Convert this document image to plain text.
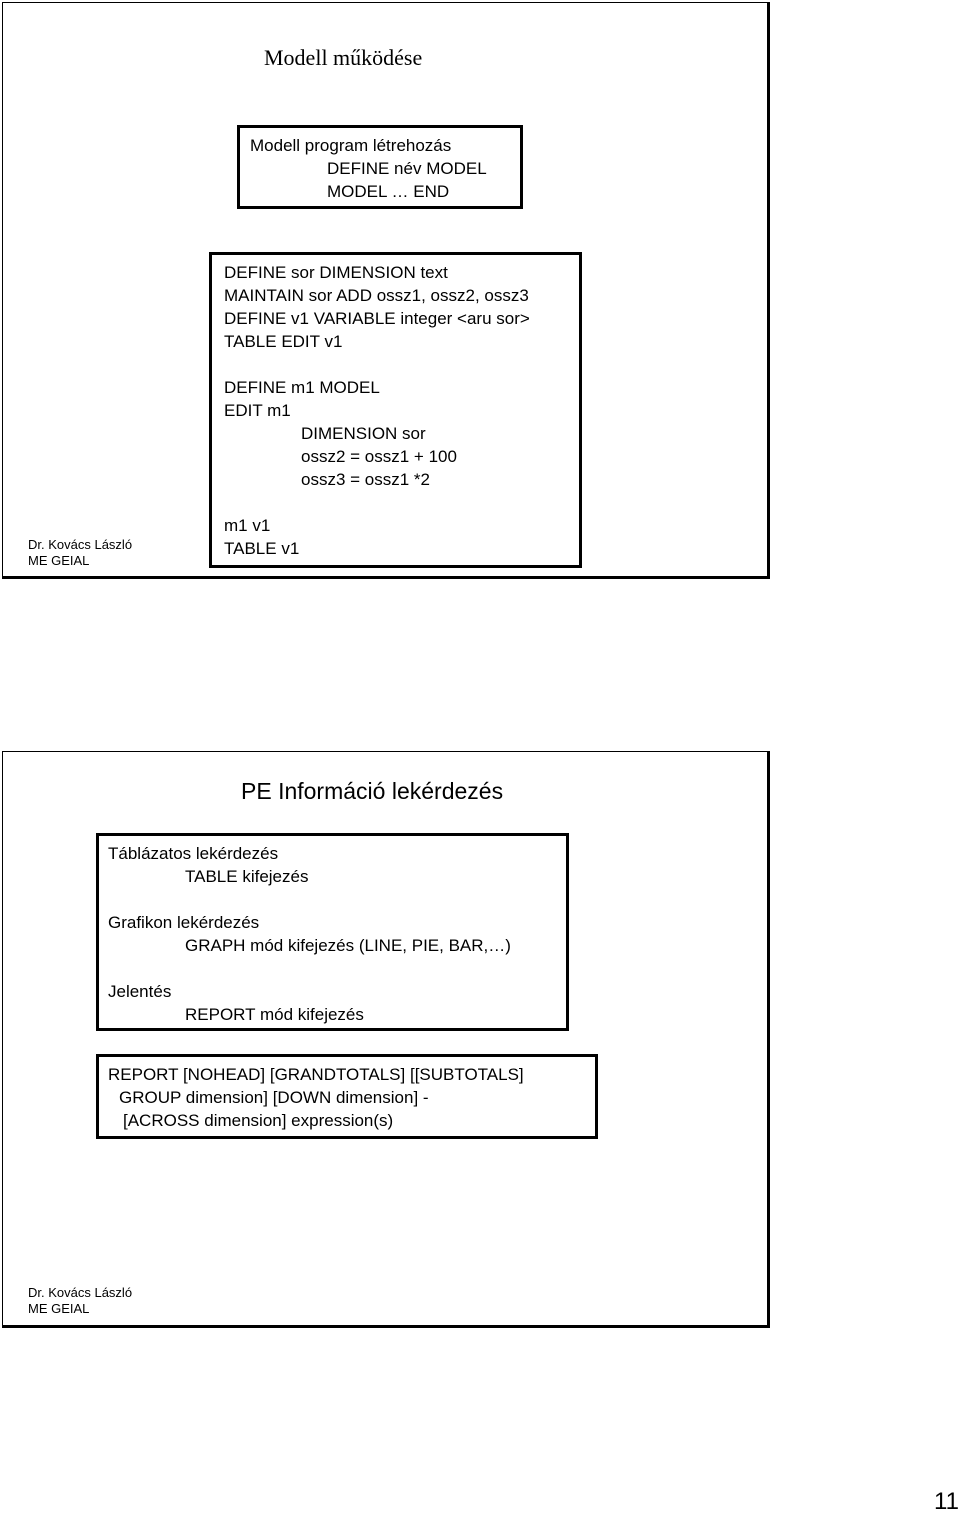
Modell működése
Modell program létrehozás
DEFINE név MODEL
MODEL … END
DEFINE sor DIMENSION text
MAINTAIN sor ADD ossz1, ossz2, ossz3
DEFINE v1 VARIABLE integer <aru sor>
TABLE EDIT v1
DEFINE m1 MODEL
EDIT m1
DIMENSION sor
ossz2 = ossz1 + 100
ossz3 = ossz1 *2
m1 v1
TABLE v1
Dr. Kovács László
ME GEIAL
PE Információ lekérdezés
Táblázatos lekérdezés
TABLE kifejezés
Grafikon lekérdezés
GRAPH mód kifejezés (LINE, PIE, BAR,…)
Jelentés
REPORT mód kifejezés
REPORT [NOHEAD] [GRANDTOTALS] [[SUBTOTALS]
GROUP dimension] [DOWN dimension] -
[ACROSS dimension] expression(s)
Dr. Kovács László
ME GEIAL
11
